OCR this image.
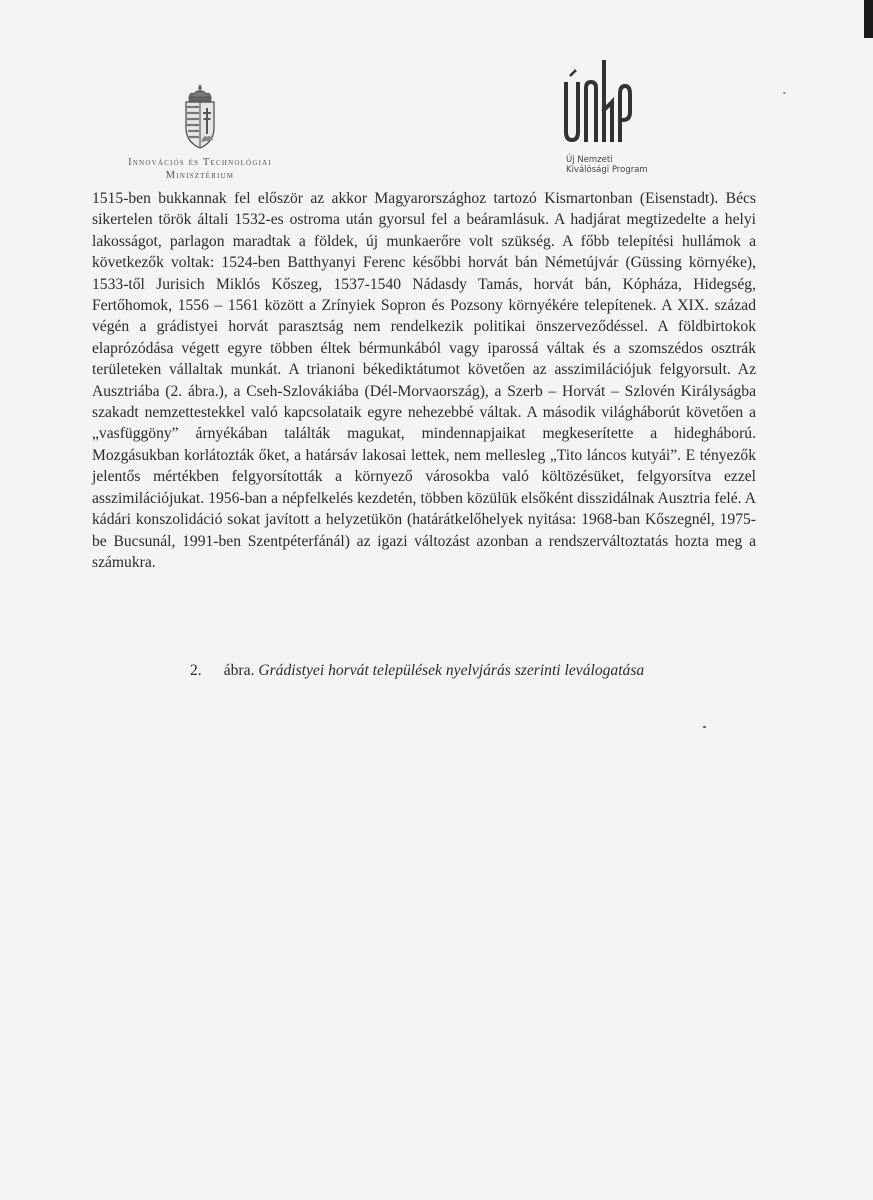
Innovációs és Technológiai
Minisztérium
Új Nemzeti
Kiválósági Program
1515-ben bukkannak fel először az akkor Magyarországhoz tartozó Kismartonban (Eisenstadt). Bécs sikertelen török általi 1532-es ostroma után gyorsul fel a beáramlásuk. A hadjárat megtizedelte a helyi lakosságot, parlagon maradtak a földek, új munkaerőre volt szükség. A főbb telepítési hullámok a következők voltak: 1524-ben Batthyanyi Ferenc későbbi horvát bán Németújvár (Güssing környéke), 1533-től Jurisich Miklós Kőszeg, 1537-1540 Nádasdy Tamás, horvát bán, Kópháza, Hidegség, Fertőhomok, 1556 – 1561 között a Zrínyiek Sopron és Pozsony környékére telepítenek. A XIX. század végén a grádistyei horvát parasztság nem rendelkezik politikai önszerveződéssel. A földbirtokok elaprózódása végett egyre többen éltek bérmunkából vagy iparossá váltak és a szomszédos osztrák területeken vállaltak munkát. A trianoni békediktátumot követően az asszimilációjuk felgyorsult. Az Ausztriába (2. ábra.), a Cseh-Szlovákiába (Dél-Morvaország), a Szerb – Horvát – Szlovén Királyságba szakadt nemzettestekkel való kapcsolataik egyre nehezebbé váltak. A második világháborút követően a „vasfüggöny” árnyékában találták magukat, mindennapjaikat megkeserítette a hidegháború. Mozgásukban korlátozták őket, a határsáv lakosai lettek, nem mellesleg „Tito láncos kutyái”. E tényezők jelentős mértékben felgyorsították a környező városokba való költözésüket, felgyorsítva ezzel asszimilációjukat. 1956-ban a népfelkelés kezdetén, többen közülük elsőként disszidálnak Ausztria felé. A kádári konszolidáció sokat javított a helyzetükön (határátkelőhelyek nyitása: 1968-ban Kőszegnél, 1975-be Bucsunál, 1991-ben Szentpéterfánál) az igazi változást azonban a rendszerváltoztatás hozta meg a számukra.
2. ábra. Grádistyei horvát települések nyelvjárás szerinti leválogatása
